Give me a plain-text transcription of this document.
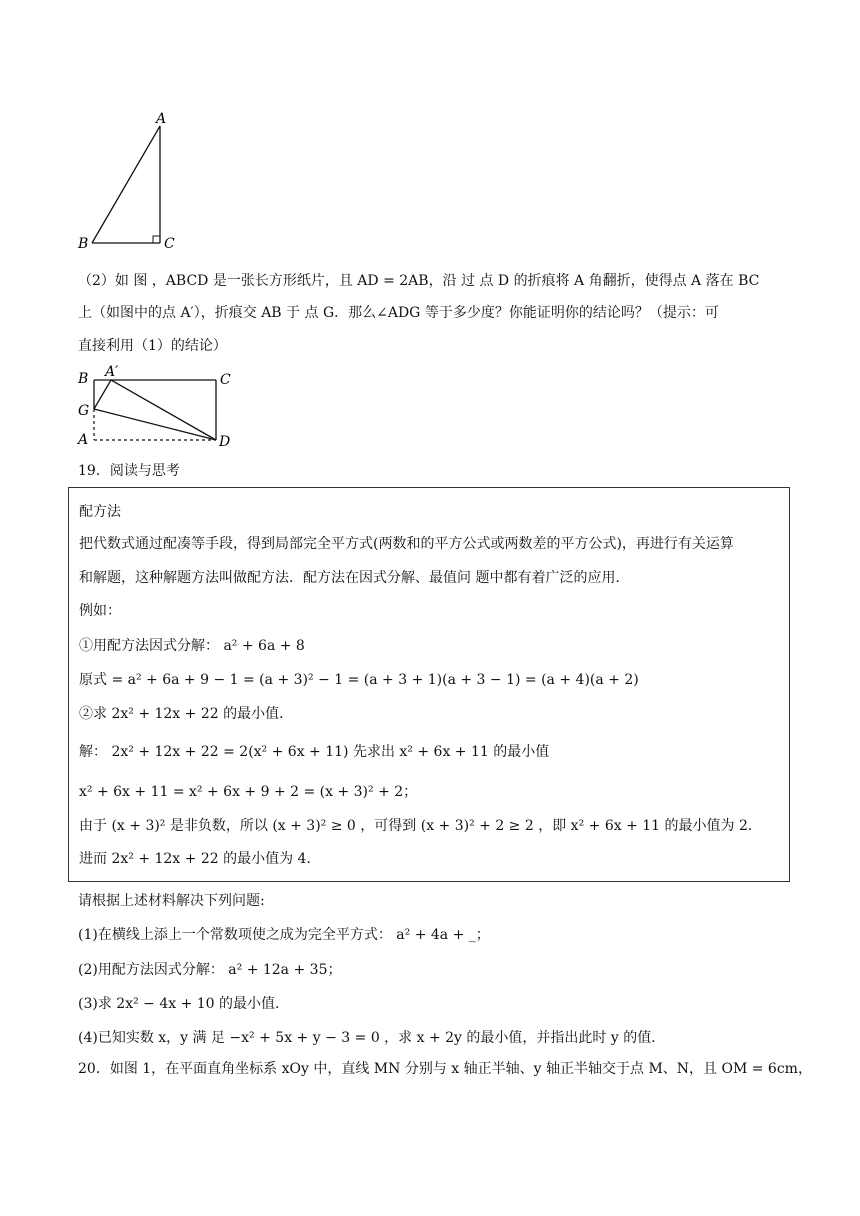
A
B	C
（2）如 图 ，ABCD 是一张长方形纸片，且 AD = 2AB，沿 过 点 D 的折痕将 A 角翻折，使得点 A 落在 BC
上（如图中的点 A′），折痕交 AB 于 点 G．那么∠ADG 等于多少度？你能证明你的结论吗？（提示：可
直接利用（1）的结论）
B A′	C
G
A	D
19．阅读与思考
配方法
把代数式通过配凑等手段，得到局部完全平方式(两数和的平方公式或两数差的平方公式)，再进行有关运算
和解题，这种解题方法叫做配方法．配方法在因式分解、最值问 题中都有着广泛的应用．
例如：
①用配方法因式分解： a² + 6a + 8
原式 = a² + 6a + 9 − 1 = (a + 3)² − 1 = (a + 3 + 1)(a + 3 − 1) = (a + 4)(a + 2)
②求 2x² + 12x + 22 的最小值．
解： 2x² + 12x + 22 = 2(x² + 6x + 11) 先求出 x² + 6x + 11 的最小值
x² + 6x + 11 = x² + 6x + 9 + 2 = (x + 3)² + 2；
由于 (x + 3)² 是非负数，所以 (x + 3)² ≥ 0 ，可得到 (x + 3)² + 2 ≥ 2 ，即 x² + 6x + 11 的最小值为 2．
进而 2x² + 12x + 22 的最小值为 4．
请根据上述材料解决下列问题:
(1)在横线上添上一个常数项使之成为完全平方式： a² + 4a + _；
(2)用配方法因式分解： a² + 12a + 35；
(3)求 2x² − 4x + 10 的最小值．
(4)已知实数 x，y 满 足 −x² + 5x + y − 3 = 0 ，求 x + 2y 的最小值，并指出此时 y 的值．
20．如图 1，在平面直角坐标系 xOy 中，直线 MN 分别与 x 轴正半轴、y 轴正半轴交于点 M、N，且 OM = 6cm，
